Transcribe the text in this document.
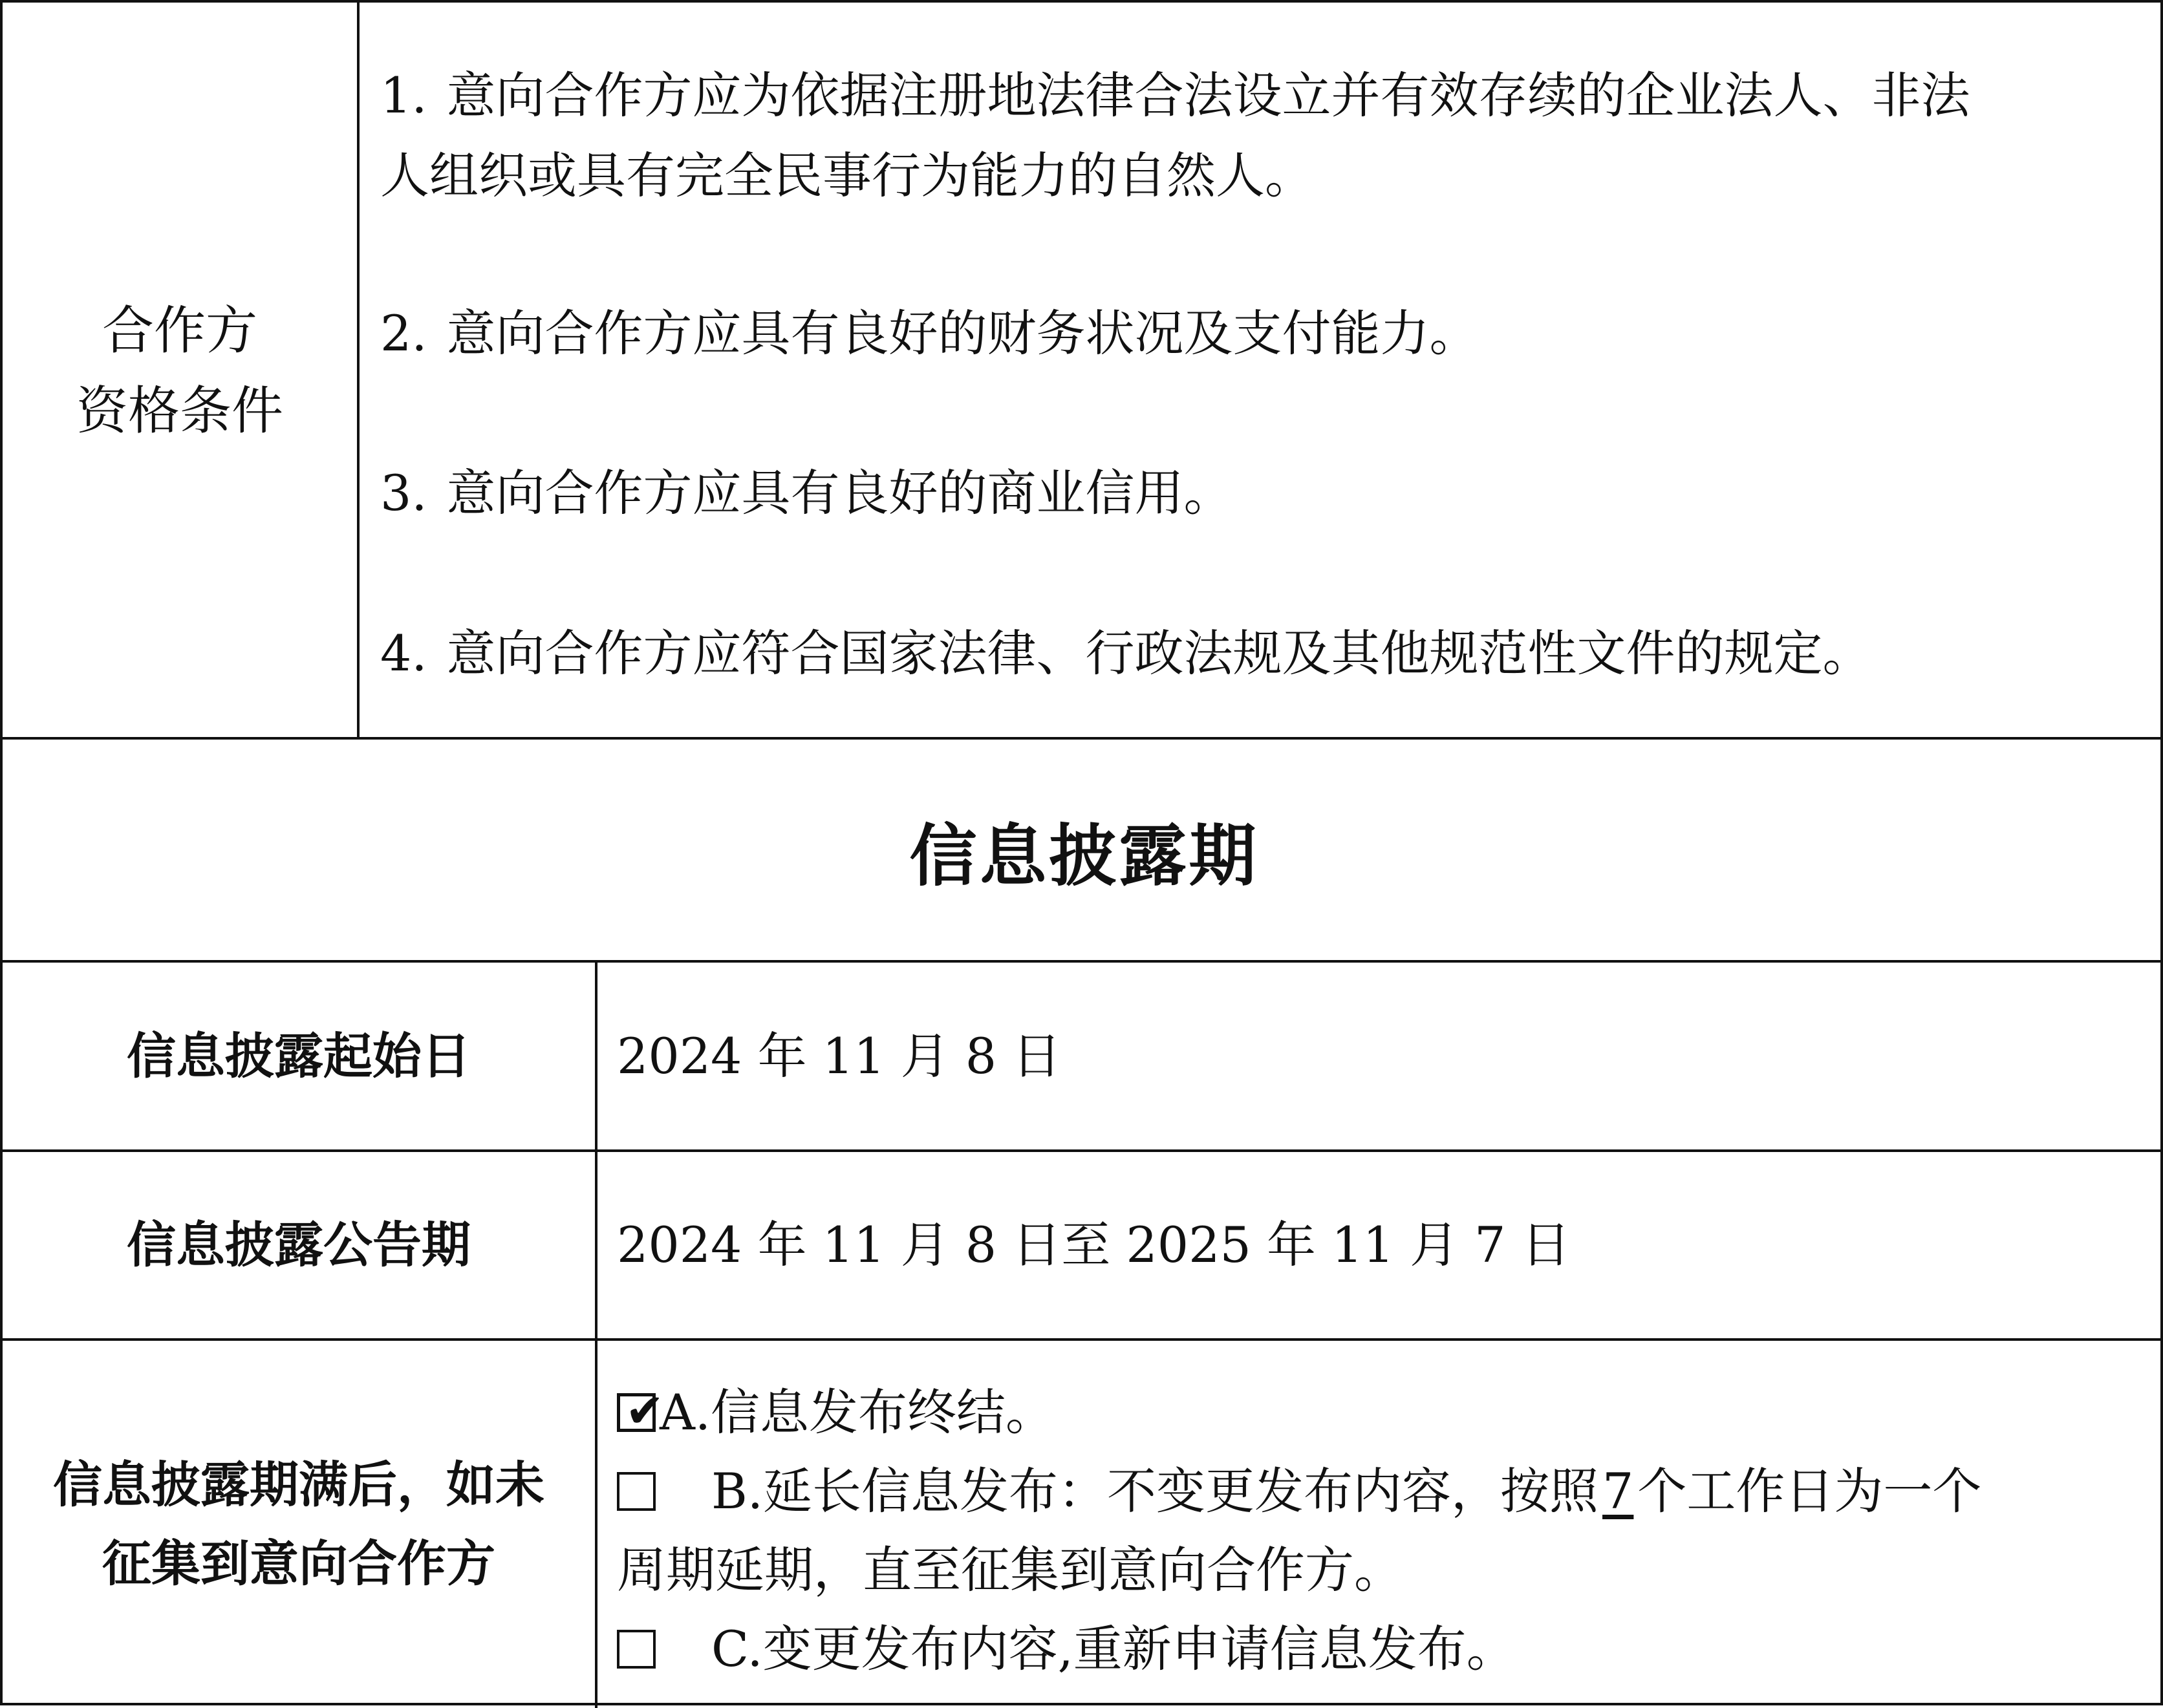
合作方
资格条件
1. 意向合作方应为依据注册地法律合法设立并有效存续的企业法人、非法
人组织或具有完全民事行为能力的自然人。
2. 意向合作方应具有良好的财务状况及支付能力。
3. 意向合作方应具有良好的商业信用。
4. 意向合作方应符合国家法律、行政法规及其他规范性文件的规定。
信息披露期
信息披露起始日	2024 年 11 月 8 日
信息披露公告期	2024 年 11 月 8 日至 2025 年 11 月 7 日
信息披露期满后，如未
征集到意向合作方
✔
A.信息发布终结。
B.延长信息发布：不变更发布内容，按照7个工作日为一个
周期延期，直至征集到意向合作方。
C.变更发布内容,重新申请信息发布。
